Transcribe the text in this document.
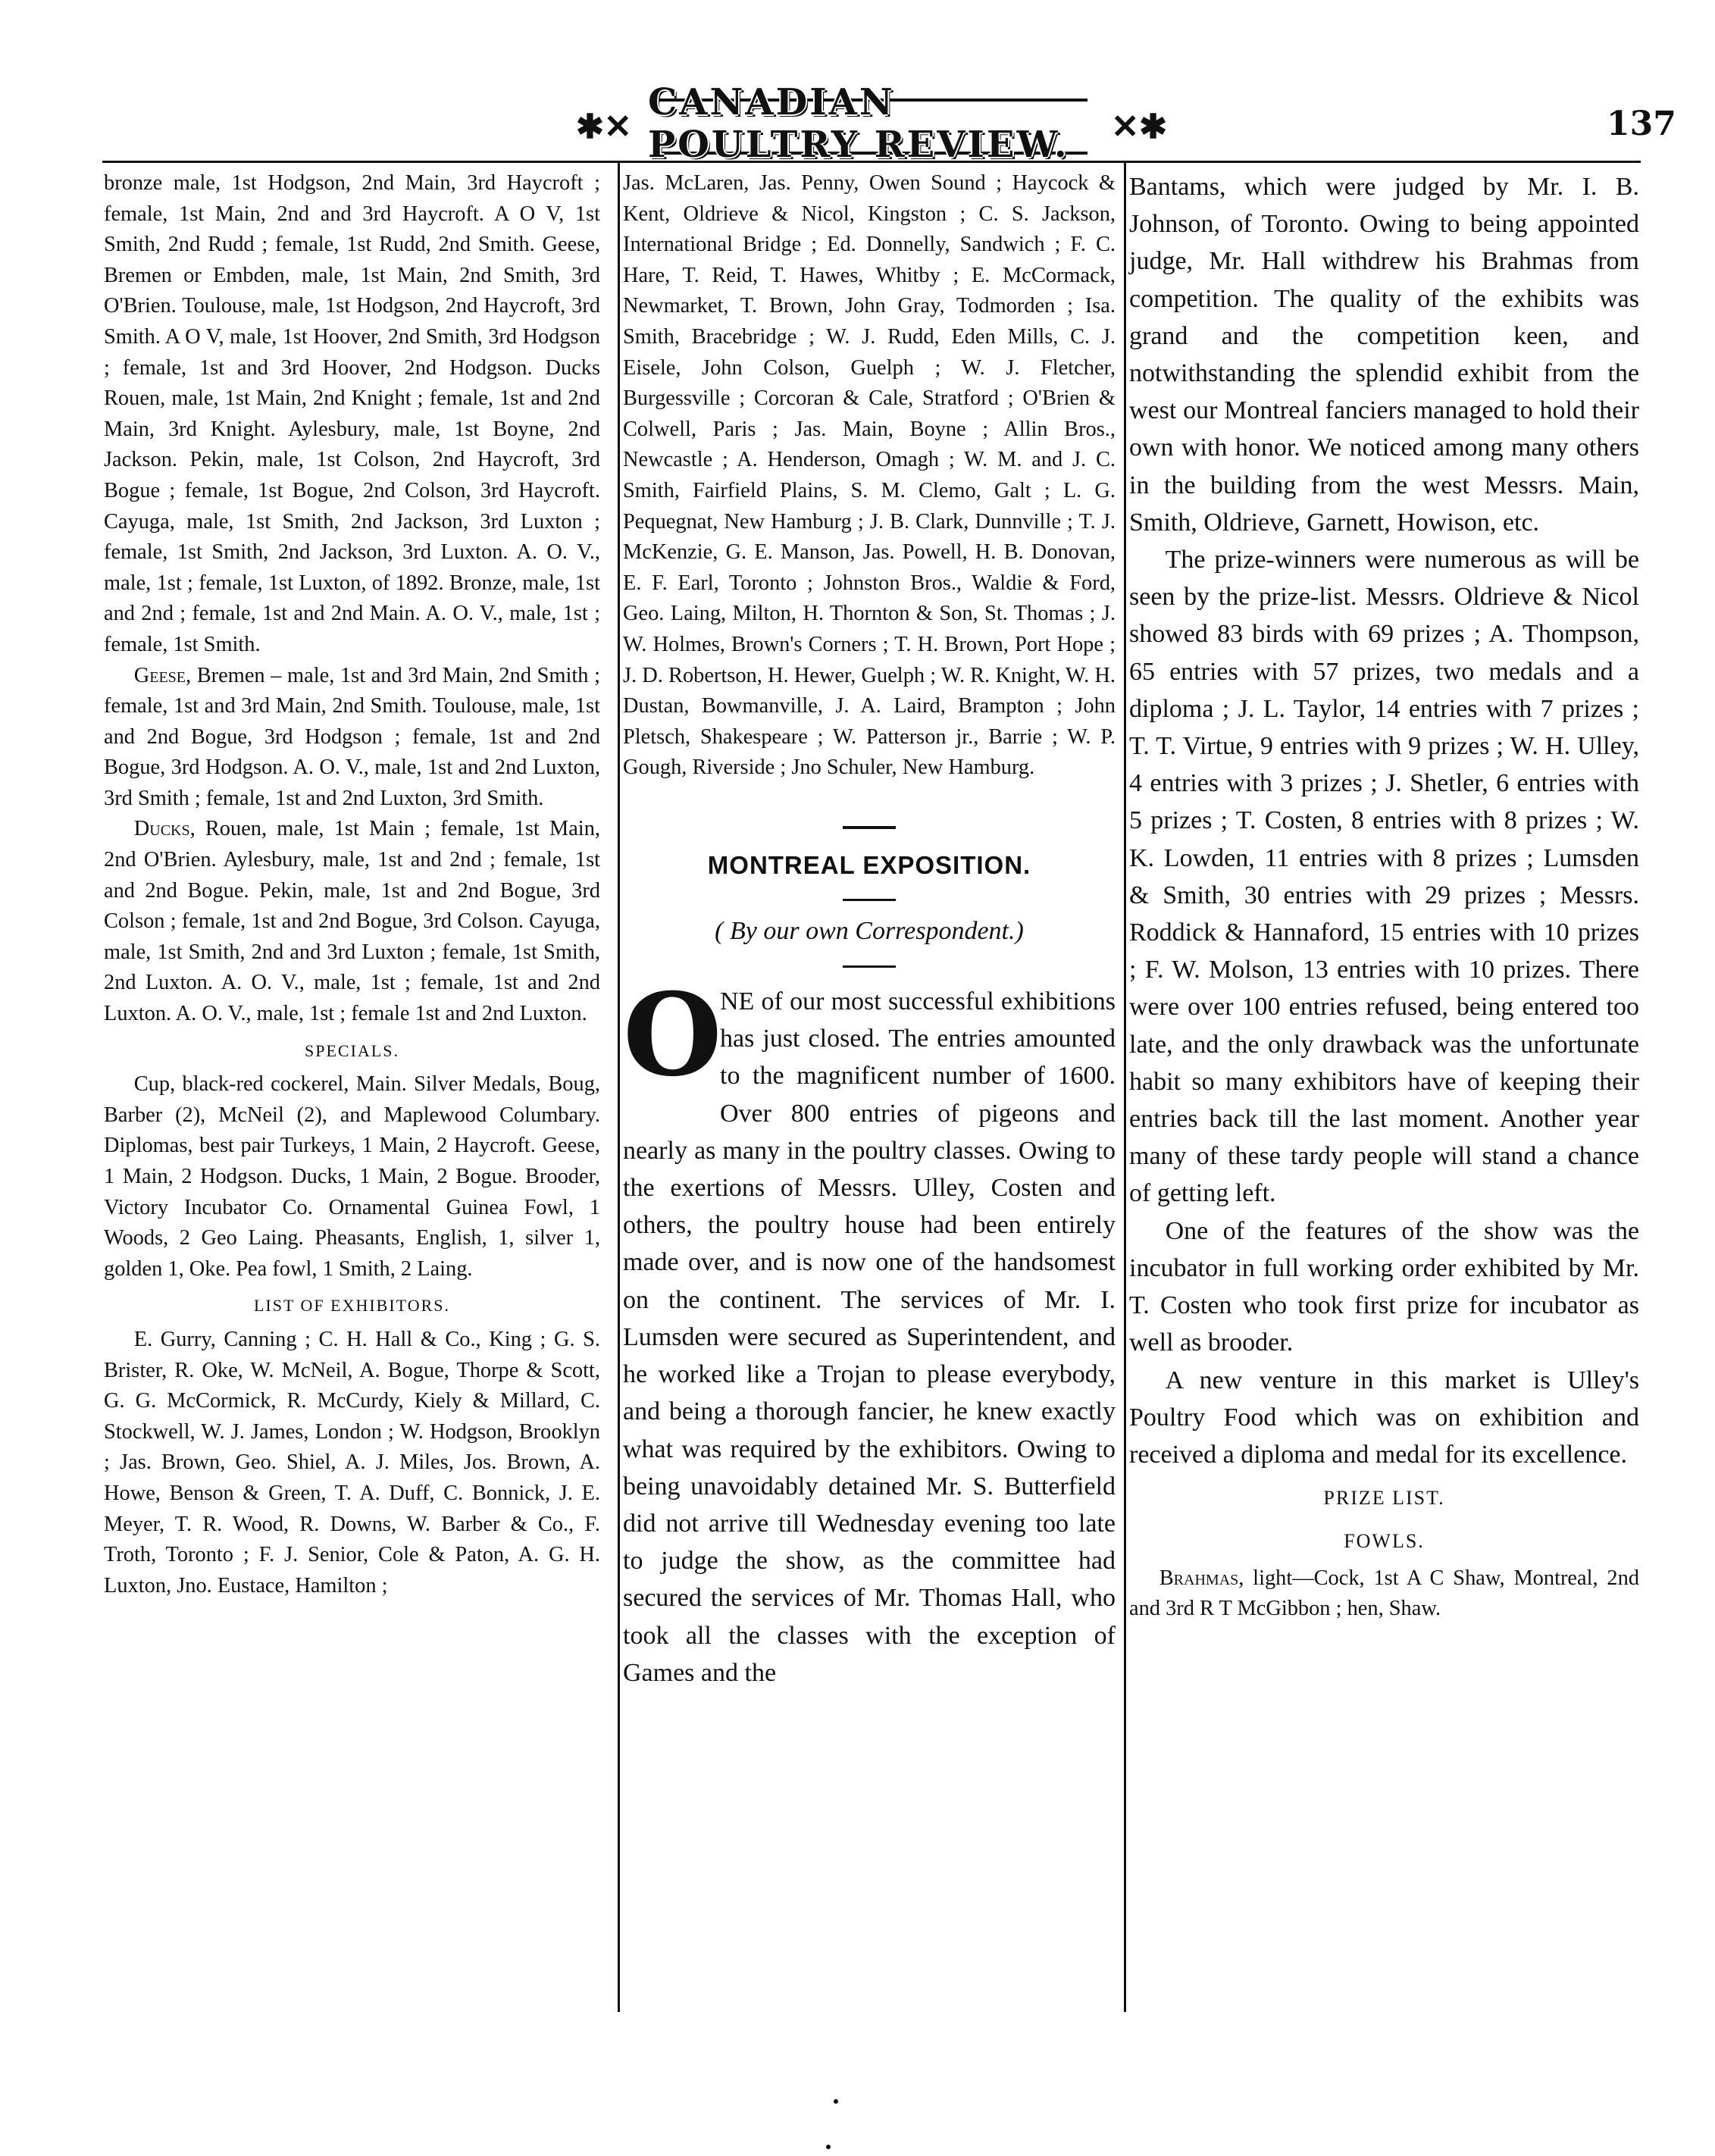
✱✕
CANADIAN POULTRY REVIEW.	✕✱	137

bronze male, 1st Hodgson, 2nd Main, 3rd Haycroft ; female, 1st Main, 2nd and 3rd Haycroft. A O V, 1st Smith, 2nd Rudd ; female, 1st Rudd, 2nd Smith. Geese, Bremen or Embden, male, 1st Main, 2nd Smith, 3rd O'Brien. Toulouse, male, 1st Hodgson, 2nd Haycroft, 3rd Smith. A O V, male, 1st Hoover, 2nd Smith, 3rd Hodgson ; female, 1st and 3rd Hoover, 2nd Hodgson. Ducks Rouen, male, 1st Main, 2nd Knight ; female, 1st and 2nd Main, 3rd Knight. Aylesbury, male, 1st Boyne, 2nd Jackson. Pekin, male, 1st Colson, 2nd Haycroft, 3rd Bogue ; female, 1st Bogue, 2nd Colson, 3rd Haycroft. Cayuga, male, 1st Smith, 2nd Jackson, 3rd Luxton ; female, 1st Smith, 2nd Jackson, 3rd Luxton. A. O. V., male, 1st ; female, 1st Luxton, of 1892. Bronze, male, 1st and 2nd ; female, 1st and 2nd Main. A. O. V., male, 1st ; female, 1st Smith.

Geese, Bremen – male, 1st and 3rd Main, 2nd Smith ; female, 1st and 3rd Main, 2nd Smith. Toulouse, male, 1st and 2nd Bogue, 3rd Hodgson ; female, 1st and 2nd Bogue, 3rd Hodgson. A. O. V., male, 1st and 2nd Luxton, 3rd Smith ; female, 1st and 2nd Luxton, 3rd Smith.

Ducks, Rouen, male, 1st Main ; female, 1st Main, 2nd O'Brien. Aylesbury, male, 1st and 2nd ; female, 1st and 2nd Bogue. Pekin, male, 1st and 2nd Bogue, 3rd Colson ; female, 1st and 2nd Bogue, 3rd Colson. Cayuga, male, 1st Smith, 2nd and 3rd Luxton ; female, 1st Smith, 2nd Luxton. A. O. V., male, 1st ; female, 1st and 2nd Luxton. A. O. V., male, 1st ; female 1st and 2nd Luxton.

SPECIALS.

Cup, black-red cockerel, Main. Silver Medals, Boug, Barber (2), McNeil (2), and Maplewood Columbary. Diplomas, best pair Turkeys, 1 Main, 2 Haycroft. Geese, 1 Main, 2 Hodgson. Ducks, 1 Main, 2 Bogue. Brooder, Victory Incubator Co. Ornamental Guinea Fowl, 1 Woods, 2 Geo Laing. Pheasants, English, 1, silver 1, golden 1, Oke. Pea fowl, 1 Smith, 2 Laing.

LIST OF EXHIBITORS.

E. Gurry, Canning ; C. H. Hall & Co., King ; G. S. Brister, R. Oke, W. McNeil, A. Bogue, Thorpe & Scott, G. G. McCormick, R. McCurdy, Kiely & Millard, C. Stockwell, W. J. James, London ; W. Hodgson, Brooklyn ; Jas. Brown, Geo. Shiel, A. J. Miles, Jos. Brown, A. Howe, Benson & Green, T. A. Duff, C. Bonnick, J. E. Meyer, T. R. Wood, R. Downs, W. Barber & Co., F. Troth, Toronto ; F. J. Senior, Cole & Paton, A. G. H. Luxton, Jno. Eustace, Hamilton ;

Jas. McLaren, Jas. Penny, Owen Sound ; Haycock & Kent, Oldrieve & Nicol, Kingston ; C. S. Jackson, International Bridge ; Ed. Donnelly, Sandwich ; F. C. Hare, T. Reid, T. Hawes, Whitby ; E. McCormack, Newmarket, T. Brown, John Gray, Todmorden ; Isa. Smith, Bracebridge ; W. J. Rudd, Eden Mills, C. J. Eisele, John Colson, Guelph ; W. J. Fletcher, Burgessville ; Corcoran & Cale, Stratford ; O'Brien & Colwell, Paris ; Jas. Main, Boyne ; Allin Bros., Newcastle ; A. Henderson, Omagh ; W. M. and J. C. Smith, Fairfield Plains, S. M. Clemo, Galt ; L. G. Pequegnat, New Hamburg ; J. B. Clark, Dunnville ; T. J. McKenzie, G. E. Manson, Jas. Powell, H. B. Donovan, E. F. Earl, Toronto ; Johnston Bros., Waldie & Ford, Geo. Laing, Milton, H. Thornton & Son, St. Thomas ; J. W. Holmes, Brown's Corners ; T. H. Brown, Port Hope ; J. D. Robertson, H. Hewer, Guelph ; W. R. Knight, W. H. Dustan, Bowmanville, J. A. Laird, Brampton ; John Pletsch, Shakespeare ; W. Patterson jr., Barrie ; W. P. Gough, Riverside ; Jno Schuler, New Hamburg.

MONTREAL EXPOSITION.

( By our own Correspondent.)

O
NE of our most successful exhibitions has just closed. The entries amounted to the magnificent number of 1600. Over 800 entries of pigeons and nearly as many in the poultry classes. Owing to the exertions of Messrs. Ulley, Costen and others, the poultry house had been entirely made over, and is now one of the handsomest on the continent. The services of Mr. I. Lumsden were secured as Superintendent, and he worked like a Trojan to please everybody, and being a thorough fancier, he knew exactly what was required by the exhibitors. Owing to being unavoidably detained Mr. S. Butterfield did not arrive till Wednesday evening too late to judge the show, as the committee had secured the services of Mr. Thomas Hall, who took all the classes with the exception of Games and the

Bantams, which were judged by Mr. I. B. Johnson, of Toronto. Owing to being appointed judge, Mr. Hall withdrew his Brahmas from competition. The quality of the exhibits was grand and the competition keen, and notwithstanding the splendid exhibit from the west our Montreal fanciers managed to hold their own with honor. We noticed among many others in the building from the west Messrs. Main, Smith, Oldrieve, Garnett, Howison, etc.

The prize-winners were numerous as will be seen by the prize-list. Messrs. Oldrieve & Nicol showed 83 birds with 69 prizes ; A. Thompson, 65 entries with 57 prizes, two medals and a diploma ; J. L. Taylor, 14 entries with 7 prizes ; T. T. Virtue, 9 entries with 9 prizes ; W. H. Ulley, 4 entries with 3 prizes ; J. Shetler, 6 entries with 5 prizes ; T. Costen, 8 entries with 8 prizes ; W. K. Lowden, 11 entries with 8 prizes ; Lumsden & Smith, 30 entries with 29 prizes ; Messrs. Roddick & Hannaford, 15 entries with 10 prizes ; F. W. Molson, 13 entries with 10 prizes. There were over 100 entries refused, being entered too late, and the only drawback was the unfortunate habit so many exhibitors have of keeping their entries back till the last moment. Another year many of these tardy people will stand a chance of getting left.

One of the features of the show was the incubator in full working order exhibited by Mr. T. Costen who took first prize for incubator as well as brooder.

A new venture in this market is Ulley's Poultry Food which was on exhibition and received a diploma and medal for its excellence.

PRIZE LIST.

FOWLS.

Brahmas, light—Cock, 1st A C Shaw, Montreal, 2nd and 3rd R T McGibbon ; hen, Shaw.
